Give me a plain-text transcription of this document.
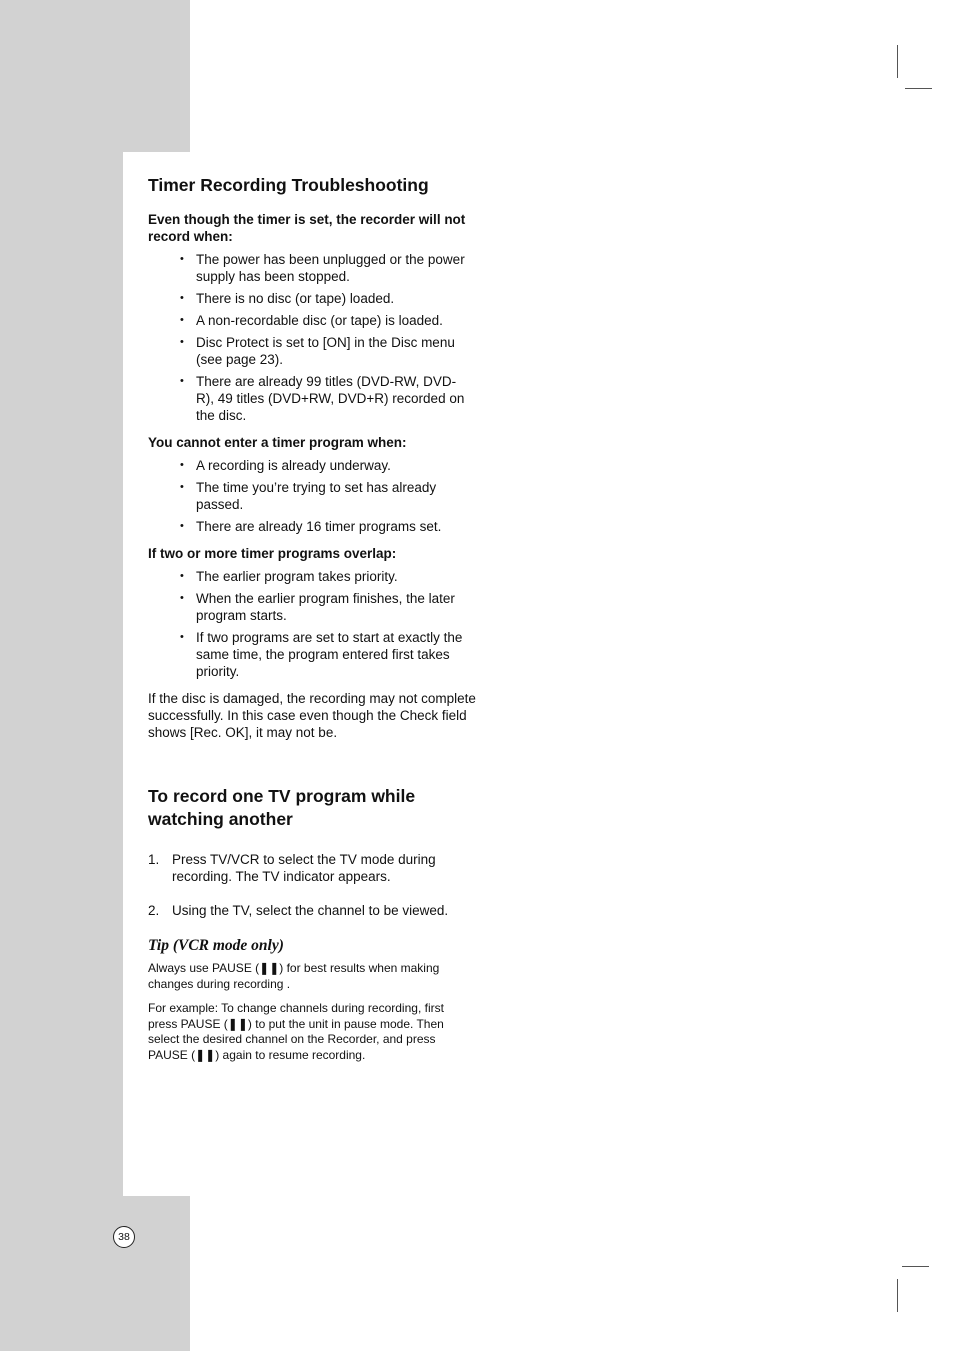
Timer Recording Troubleshooting
Even though the timer is set, the recorder will not record when:
• The power has been unplugged or the power supply has been stopped.
• There is no disc (or tape) loaded.
• A non-recordable disc (or tape) is loaded.
• Disc Protect is set to [ON] in the Disc menu (see page 23).
• There are already 99 titles (DVD-RW, DVD-R), 49 titles (DVD+RW, DVD+R) recorded on the disc.
You cannot enter a timer program when:
• A recording is already underway.
• The time you’re trying to set has already passed.
• There are already 16 timer programs set.
If two or more timer programs overlap:
• The earlier program takes priority.
• When the earlier program finishes, the later program starts.
• If two programs are set to start at exactly the same time, the program entered first takes priority.
If the disc is damaged, the recording may not complete successfully. In this case even though the Check field shows [Rec. OK], it may not be.
To record one TV program while watching another
Press TV/VCR to select the TV mode during recording. The TV indicator appears.
Using the TV, select the channel to be viewed.
Tip (VCR mode only)
Always use PAUSE (❚❚) for best results when making changes during recording .
For example: To change channels during recording, first press PAUSE (❚❚) to put the unit in pause mode. Then select the desired channel on the Recorder, and press PAUSE (❚❚) again to resume recording.
38
